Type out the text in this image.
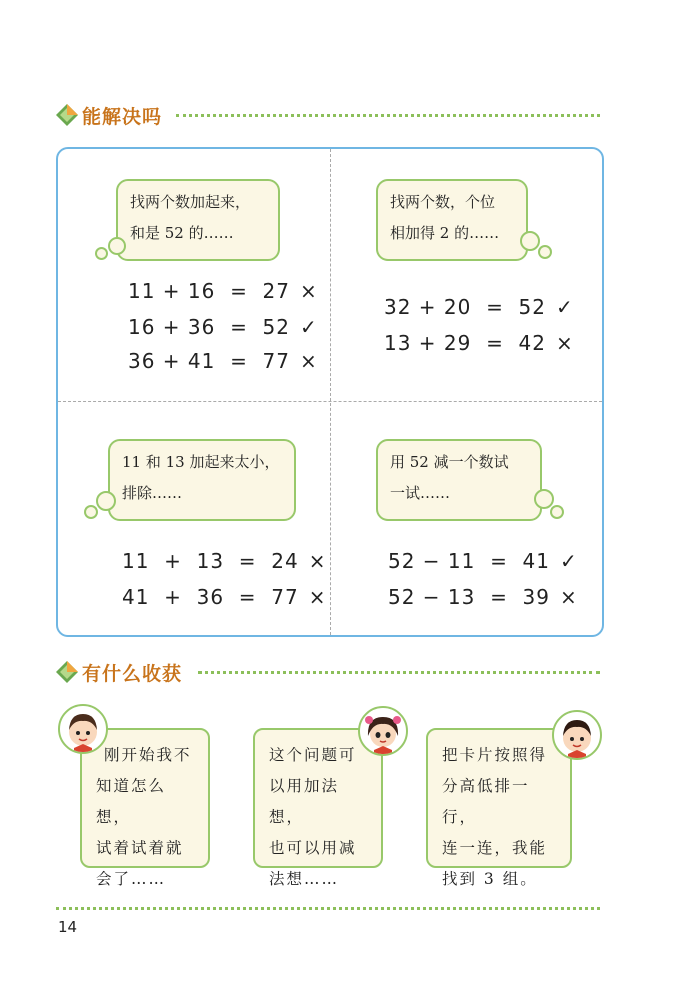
能解决吗
找两个数加起来，
和是 52 的……
11 + 16  =  27 ×
16 + 36  =  52 ✓
36 + 41  =  77 ×
找两个数，个位
相加得 2 的……
32 + 20  =  52 ✓
13 + 29  =  42 ×
11 和 13 加起来太小，
排除……
11  +  13  =  24 ×
41  +  36  =  77 ×
用 52 减一个数试
一试……
52 − 11  =  41 ✓
52 − 13  =  39 ×
有什么收获
刚开始我不
知道怎么想，
试着试着就
会了……
这个问题可
以用加法想，
也可以用减
法想……
把卡片按照得
分高低排一行，
连一连，我能
找到 3 组。
14
